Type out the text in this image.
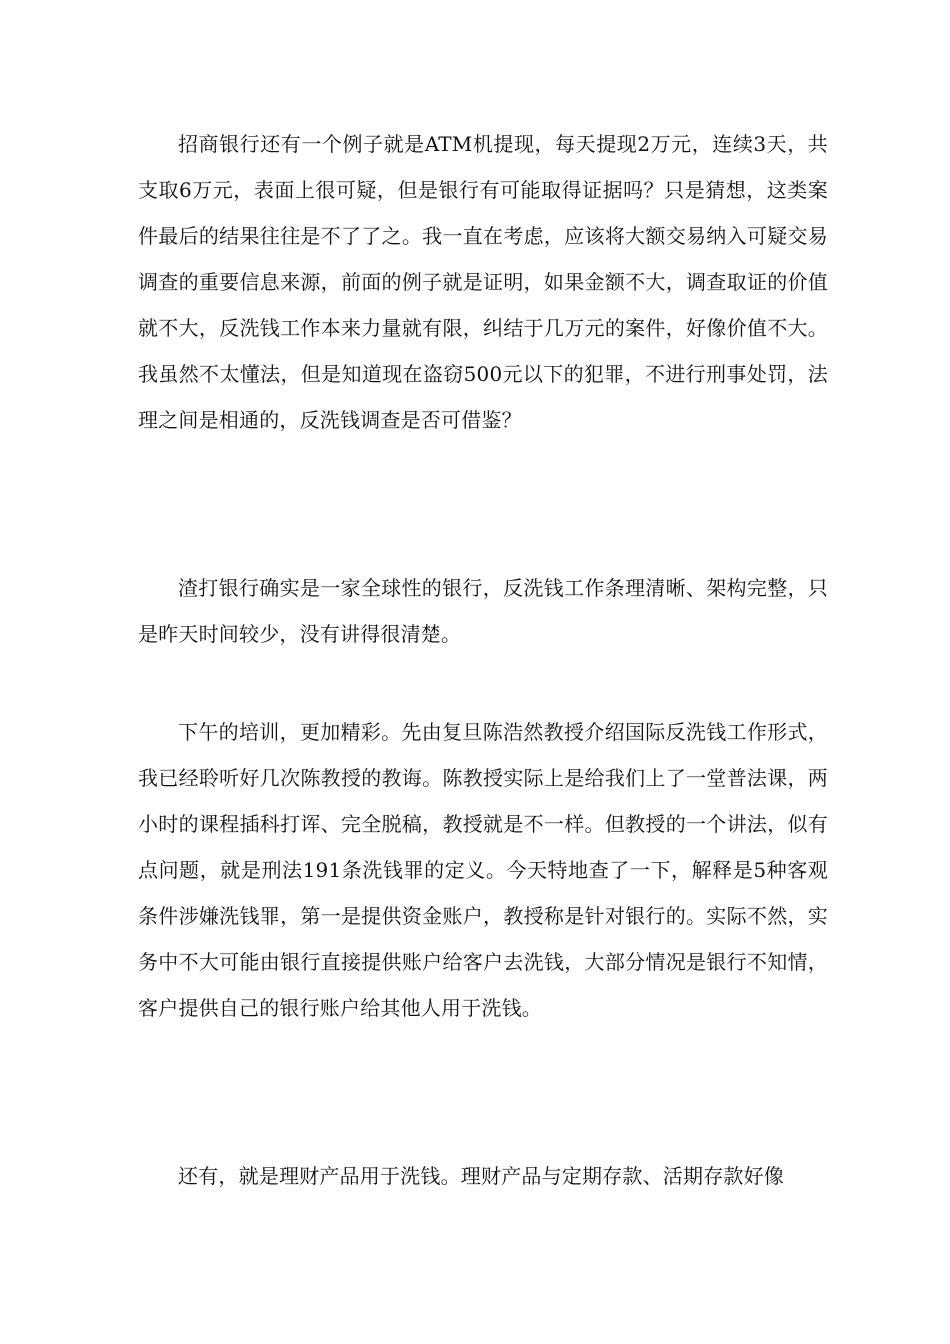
招商银行还有一个例子就是ATM机提现，每天提现2万元，连续3天，共支取6万元，表面上很可疑，但是银行有可能取得证据吗？只是猜想，这类案件最后的结果往往是不了了之。我一直在考虑，应该将大额交易纳入可疑交易调查的重要信息来源，前面的例子就是证明，如果金额不大，调查取证的价值就不大，反洗钱工作本来力量就有限，纠结于几万元的案件，好像价值不大。我虽然不太懂法，但是知道现在盗窃500元以下的犯罪，不进行刑事处罚，法理之间是相通的，反洗钱调查是否可借鉴？

渣打银行确实是一家全球性的银行，反洗钱工作条理清晰、架构完整，只是昨天时间较少，没有讲得很清楚。

下午的培训，更加精彩。先由复旦陈浩然教授介绍国际反洗钱工作形式，我已经聆听好几次陈教授的教诲。陈教授实际上是给我们上了一堂普法课，两小时的课程插科打诨、完全脱稿，教授就是不一样。但教授的一个讲法，似有点问题，就是刑法191条洗钱罪的定义。今天特地查了一下，解释是5种客观条件涉嫌洗钱罪，第一是提供资金账户，教授称是针对银行的。实际不然，实务中不大可能由银行直接提供账户给客户去洗钱，大部分情况是银行不知情，客户提供自己的银行账户给其他人用于洗钱。

还有，就是理财产品用于洗钱。理财产品与定期存款、活期存款好像
